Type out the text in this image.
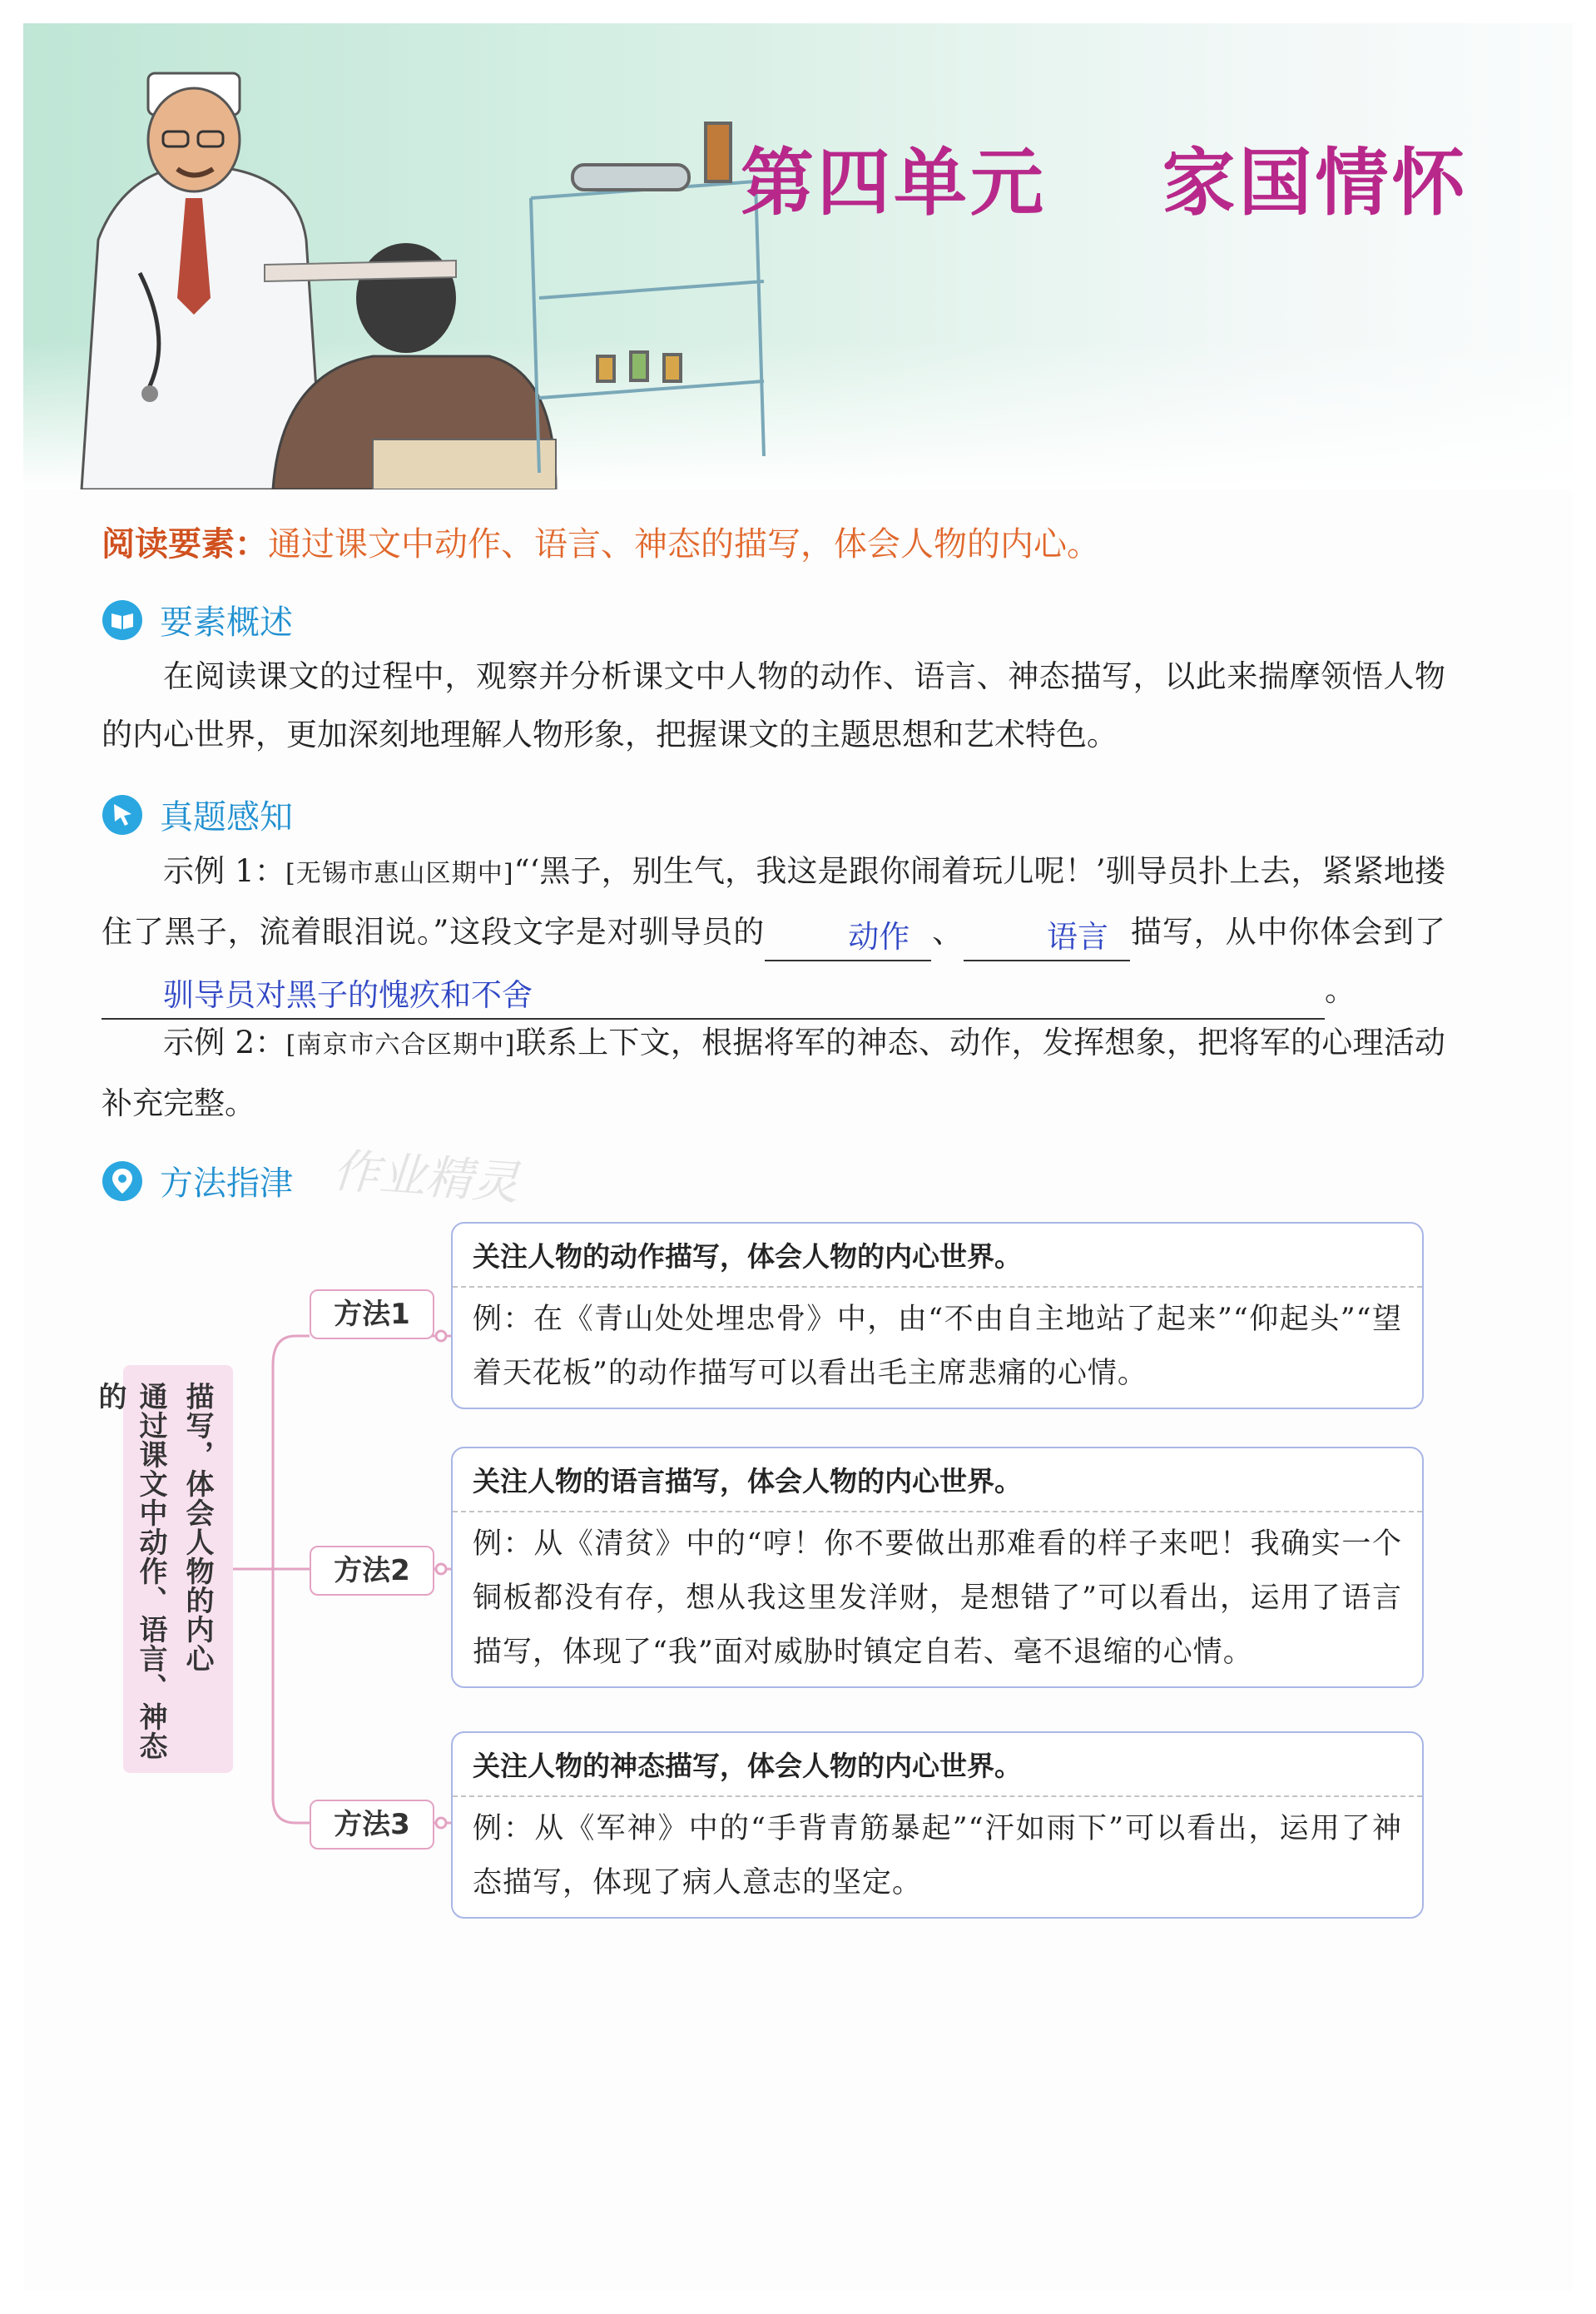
第四单元    家国情怀
阅读要素：通过课文中动作、语言、神态的描写，体会人物的内心。
要素概述
在阅读课文的过程中，观察并分析课文中人物的动作、语言、神态描写，以此来揣摩领悟人物的内心世界，更加深刻地理解人物形象，把握课文的主题思想和艺术特色。
真题感知
示例 1：[无锡市惠山区期中]“‘黑子，别生气，我这是跟你闹着玩儿呢！’驯导员扑上去，紧紧地搂住了黑子，流着眼泪说。”这段文字是对驯导员的	动作 、	语言 描写，从中你体会到了驯导员对黑子的愧疚和不舍	。
示例 2：[南京市六合区期中]联系上下文，根据将军的神态、动作，发挥想象，把将军的心理活动补充完整。
方法指津 作业精灵
描写，体会人物的内心
通过课文中动作、语言、神态的
方法1
方法2
方法3
关注人物的动作描写，体会人物的内心世界。
例：在《青山处处埋忠骨》中，由“不由自主地站了起来”“仰起头”“望着天花板”的动作描写可以看出毛主席悲痛的心情。
关注人物的语言描写，体会人物的内心世界。
例：从《清贫》中的“哼！你不要做出那难看的样子来吧！我确实一个铜板都没有存，想从我这里发洋财，是想错了”可以看出，运用了语言描写，体现了“我”面对威胁时镇定自若、毫不退缩的心情。
关注人物的神态描写，体会人物的内心世界。
例：从《军神》中的“手背青筋暴起”“汗如雨下”可以看出，运用了神态描写，体现了病人意志的坚定。
